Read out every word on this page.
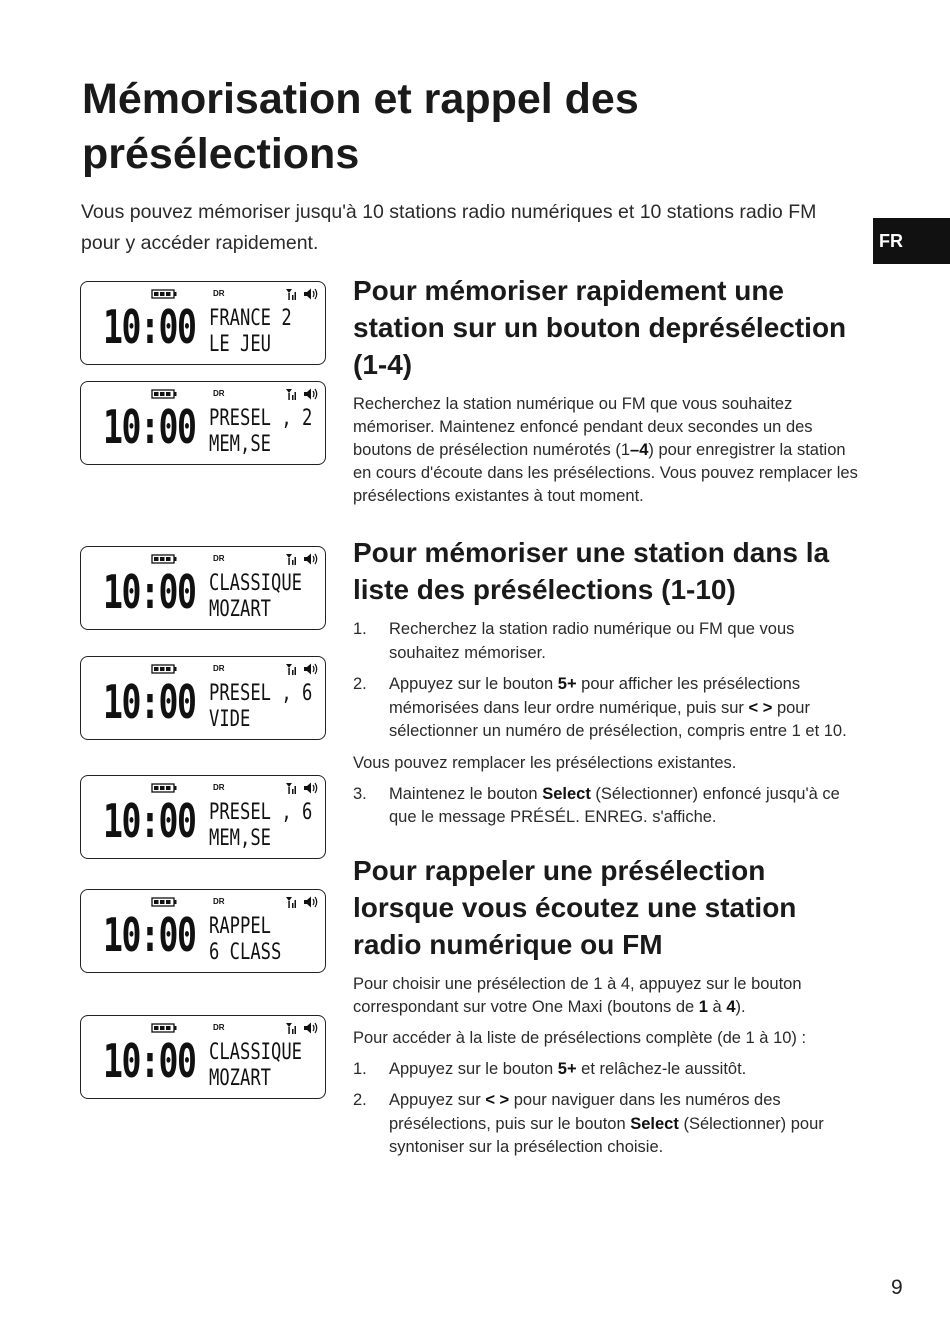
Mémorisation et rappel des présélections

Vous pouvez mémoriser jusqu'à 10 stations radio numériques et 10 stations radio FM pour y accéder rapidement.	FR
DR
10:00 FRANCE 2
LE JEU
DR
10:00 PRESEL , 2
MEM,SE
DR
10:00 CLASSIQUE
MOZART
DR
10:00 PRESEL , 6
VIDE
DR
10:00 PRESEL , 6
MEM,SE
DR
10:00 RAPPEL
6 CLASS
DR
10:00 CLASSIQUE
MOZART
Pour mémoriser rapidement une station sur un bouton deprésélection (1-4)

Recherchez la station numérique ou FM que vous souhaitez mémoriser. Maintenez enfoncé pendant deux secondes un des boutons de présélection numérotés (1–4) pour enregistrer la station en cours d'écoute dans les présélections. Vous pouvez remplacer les présélections existantes à tout moment.

Pour mémoriser une station dans la liste des présélections (1-10)
1. Recherchez la station radio numérique ou FM que vous souhaitez mémoriser.
2. Appuyez sur le bouton 5+ pour afficher les présélections mémorisées dans leur ordre numérique, puis sur < > pour sélectionner un numéro de présélection, compris entre 1 et 10.

Vous pouvez remplacer les présélections existantes.

3. Maintenez le bouton Select (Sélectionner) enfoncé jusqu'à ce que le message PRÉSÉL. ENREG. s'affiche.
Pour rappeler une présélection lorsque vous écoutez une station radio numérique ou FM

Pour choisir une présélection de 1 à 4, appuyez sur le bouton correspondant sur votre One Maxi (boutons de 1 à 4).

Pour accéder à la liste de présélections complète (de 1 à 10) :

1. Appuyez sur le bouton 5+ et relâchez-le aussitôt.
2. Appuyez sur < > pour naviguer dans les numéros des présélections, puis sur le bouton Select (Sélectionner) pour syntoniser sur la présélection choisie.
9
